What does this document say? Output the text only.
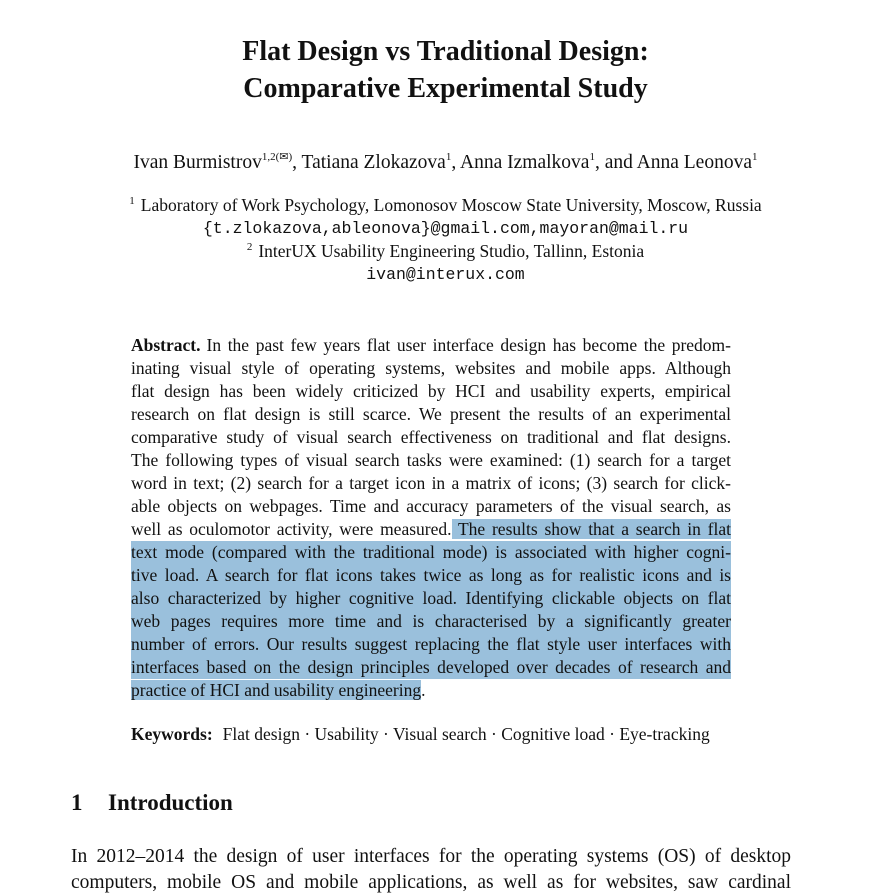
Flat Design vs Traditional Design:
Comparative Experimental Study
Ivan Burmistrov$^{1,2(✉)}$, Tatiana Zlokazova$^1$, Anna Izmalkova$^1$, and Anna Leonova$^1$
$^1$ Laboratory of Work Psychology, Lomonosov Moscow State University, Moscow, Russia
{t.zlokazova,ableonova}@gmail.com,mayoran@mail.ru
$^2$ InterUX Usability Engineering Studio, Tallinn, Estonia
ivan@interux.com
Abstract. In the past few years flat user interface design has become the predom-
inating visual style of operating systems, websites and mobile apps. Although
flat design has been widely criticized by HCI and usability experts, empirical
research on flat design is still scarce. We present the results of an experimental
comparative study of visual search effectiveness on traditional and flat designs.
The following types of visual search tasks were examined: (1) search for a target
word in text; (2) search for a target icon in a matrix of icons; (3) search for click-
able objects on webpages. Time and accuracy parameters of the visual search, as
well as oculomotor activity, were measured. The results show that a search in flat
text mode (compared with the traditional mode) is associated with higher cogni-
tive load. A search for flat icons takes twice as long as for realistic icons and is
also characterized by higher cognitive load. Identifying clickable objects on flat
web pages requires more time and is characterised by a significantly greater
number of errors. Our results suggest replacing the flat style user interfaces with
interfaces based on the design principles developed over decades of research and
practice of HCI and usability engineering.
Keywords: Flat design · Usability · Visual search · Cognitive load · Eye-tracking
1 Introduction
In 2012–2014 the design of user interfaces for the operating systems (OS) of desktop
computers, mobile OS and mobile applications, as well as for websites, saw cardinal
